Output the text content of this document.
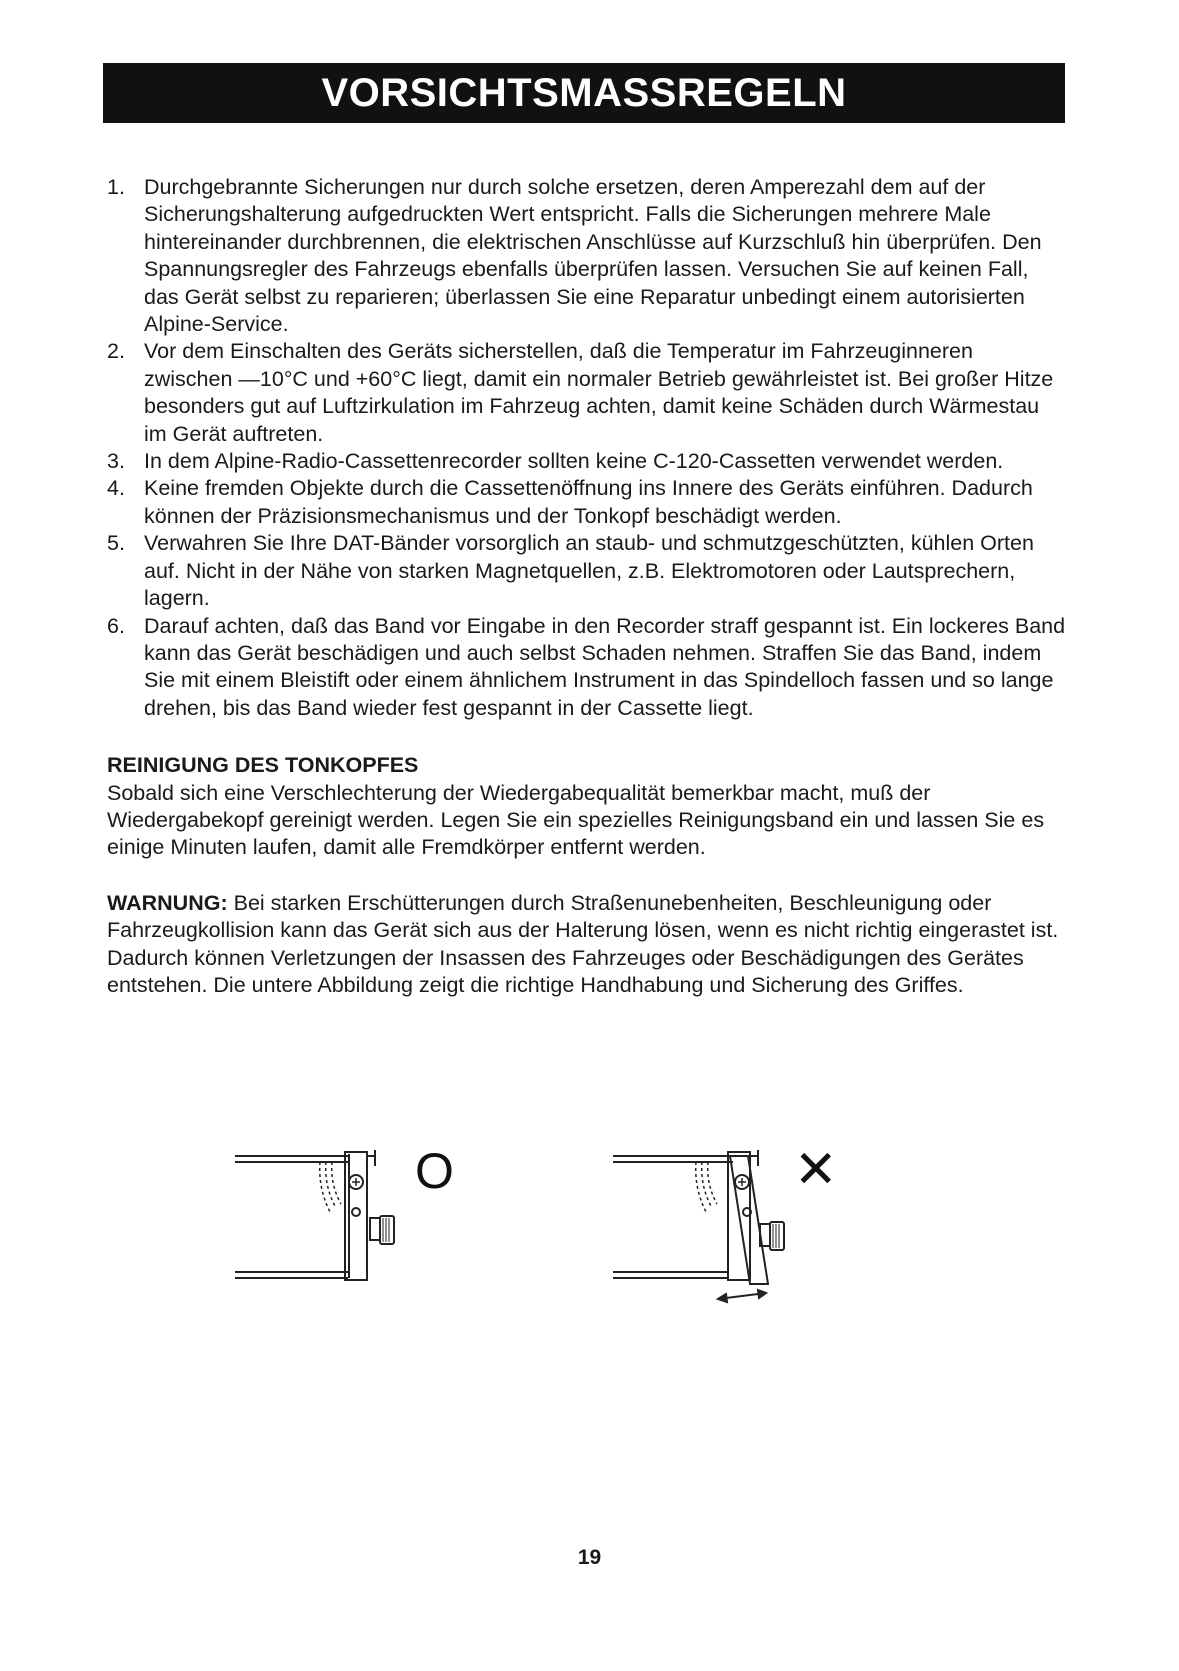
VORSICHTSMASSREGELN
1. Durchgebrannte Sicherungen nur durch solche ersetzen, deren Amperezahl dem auf der Sicherungshalterung aufgedruckten Wert entspricht. Falls die Sicherungen mehrere Male hintereinander durchbrennen, die elektrischen Anschlüsse auf Kurzschluß hin überprüfen. Den Spannungsregler des Fahrzeugs ebenfalls überprüfen lassen. Versuchen Sie auf keinen Fall, das Gerät selbst zu reparieren; überlassen Sie eine Reparatur unbedingt einem autorisierten Alpine-Service.
2. Vor dem Einschalten des Geräts sicherstellen, daß die Temperatur im Fahrzeuginneren zwischen —10°C und +60°C liegt, damit ein normaler Betrieb gewährleistet ist. Bei großer Hitze besonders gut auf Luftzirkulation im Fahrzeug achten, damit keine Schäden durch Wärmestau im Gerät auftreten.
3. In dem Alpine-Radio-Cassettenrecorder sollten keine C-120-Cassetten verwendet werden.
4. Keine fremden Objekte durch die Cassettenöffnung ins Innere des Geräts einführen. Dadurch können der Präzisionsmechanismus und der Tonkopf beschädigt werden.
5. Verwahren Sie Ihre DAT-Bänder vorsorglich an staub- und schmutzgeschützten, kühlen Orten auf. Nicht in der Nähe von starken Magnetquellen, z.B. Elektromotoren oder Lautsprechern, lagern.
6. Darauf achten, daß das Band vor Eingabe in den Recorder straff gespannt ist. Ein lockeres Band kann das Gerät beschädigen und auch selbst Schaden nehmen. Straffen Sie das Band, indem Sie mit einem Bleistift oder einem ähnlichem Instrument in das Spindelloch fassen und so lange drehen, bis das Band wieder fest gespannt in der Cassette liegt.
REINIGUNG DES TONKOPFES

Sobald sich eine Verschlechterung der Wiedergabequalität bemerkbar macht, muß der Wiedergabekopf gereinigt werden. Legen Sie ein spezielles Reinigungsband ein und lassen Sie es einige Minuten laufen, damit alle Fremdkörper entfernt werden.

WARNUNG: Bei starken Erschütterungen durch Straßenunebenheiten, Beschleunigung oder Fahrzeugkollision kann das Gerät sich aus der Halterung lösen, wenn es nicht richtig eingerastet ist. Dadurch können Verletzungen der Insassen des Fahrzeuges oder Beschädigungen des Gerätes entstehen. Die untere Abbildung zeigt die richtige Handhabung und Sicherung des Griffes.

O	✕
19
